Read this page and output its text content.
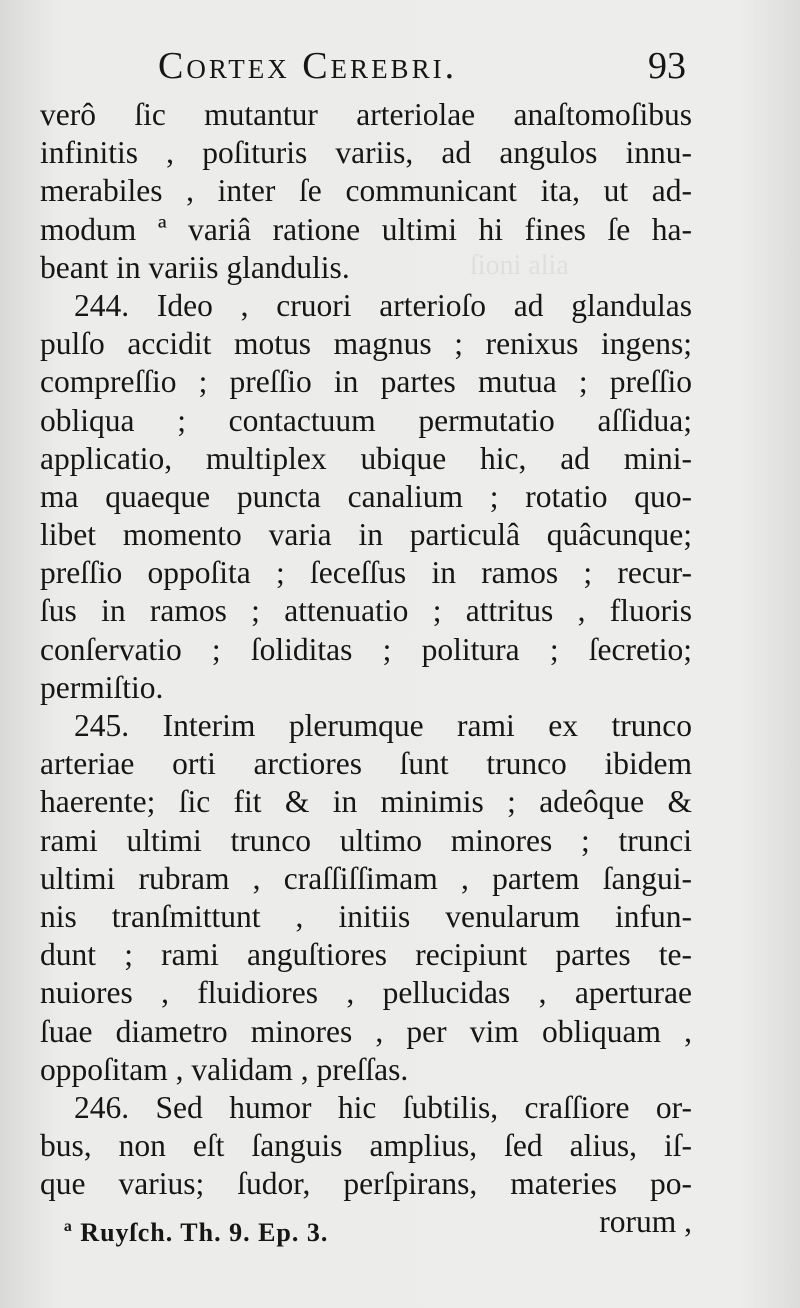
ſioni alia
Cortex Cerebri.	93
verô ſic mutantur arteriolae anaſtomoſibus
infinitis , poſituris variis, ad angulos innu-
merabiles , inter ſe communicant ita, ut ad-
modum ª variâ ratione ultimi hi fines ſe ha-
beant in variis glandulis.
244. Ideo , cruori arterioſo ad glandulas
pulſo accidit motus magnus ; renixus ingens;
compreſſio ; preſſio in partes mutua ; preſſio
obliqua ; contactuum permutatio aſſidua;
applicatio, multiplex ubique hic, ad mini-
ma quaeque puncta canalium ; rotatio quo-
libet momento varia in particulâ quâcunque;
preſſio oppoſita ; ſeceſſus in ramos ; recur-
ſus in ramos ; attenuatio ; attritus , fluoris
conſervatio ; ſoliditas ; politura ; ſecretio;
permiſtio.
245. Interim plerumque rami ex trunco
arteriae orti arctiores ſunt trunco ibidem
haerente; ſic fit & in minimis ; adeôque &
rami ultimi trunco ultimo minores ; trunci
ultimi rubram , craſſiſſimam , partem ſangui-
nis tranſmittunt , initiis venularum infun-
dunt ; rami anguſtiores recipiunt partes te-
nuiores , fluidiores , pellucidas , aperturae
ſuae diametro minores , per vim obliquam ,
oppoſitam , validam , preſſas.
246. Sed humor hic ſubtilis, craſſiore or-
bus, non eſt ſanguis amplius, ſed alius, iſ-
que varius; ſudor, perſpirans, materies po-
rorum ,
ª Ruyſch. Th. 9. Ep. 3.
